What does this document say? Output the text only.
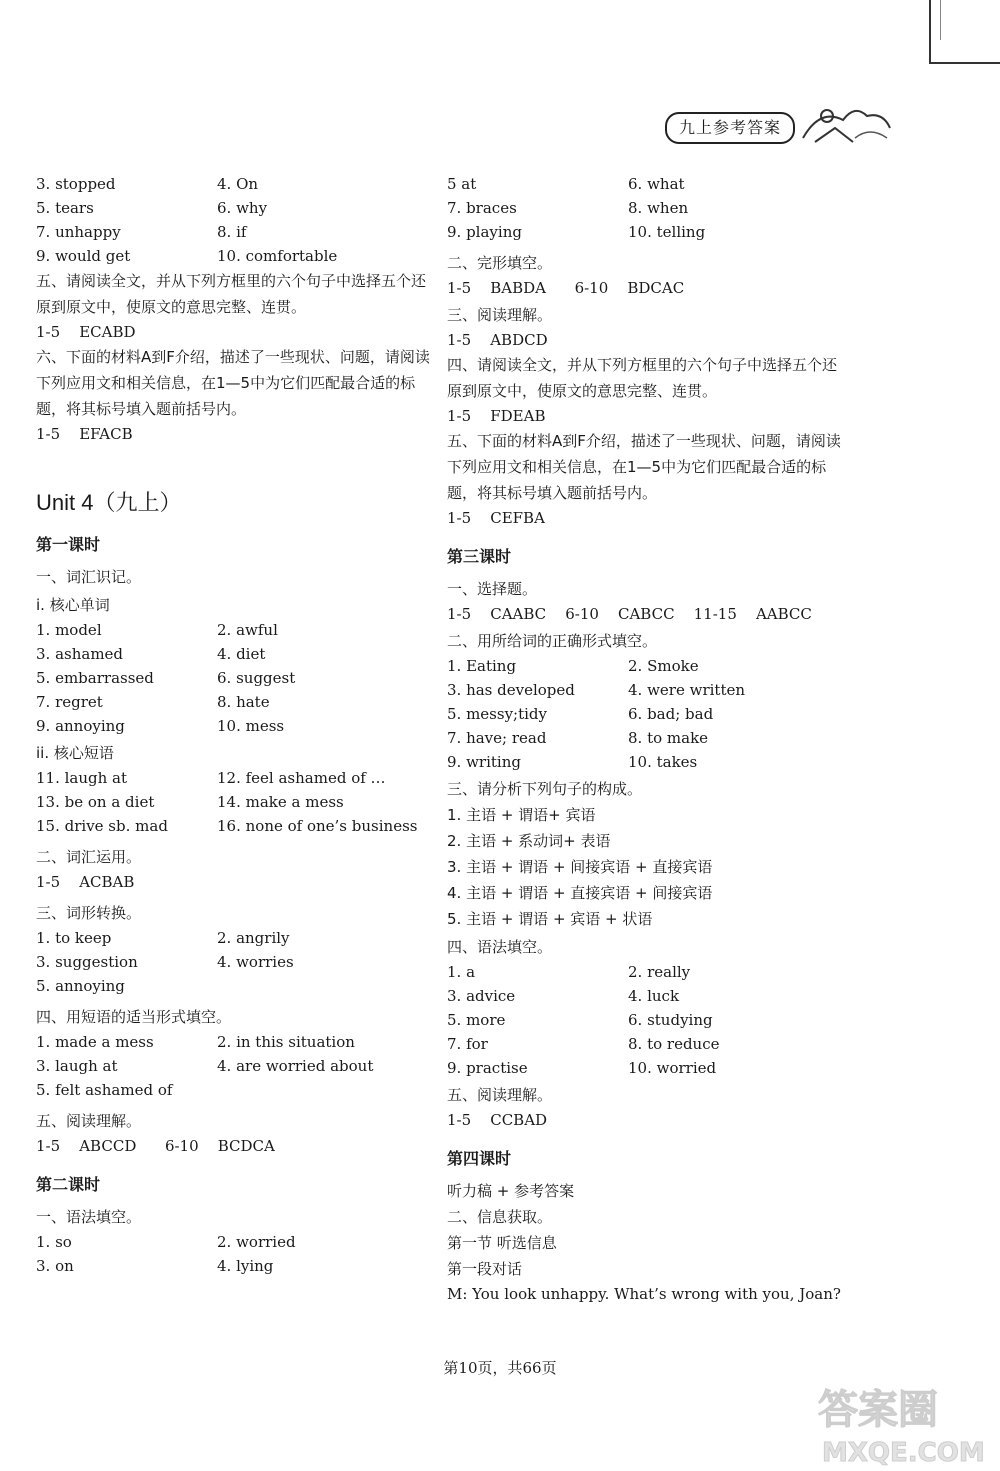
九上参考答案
3. stopped	4. On
5. tears	6. why
7. unhappy	8. if
9. would get	10. comfortable
五、请阅读全文，并从下列方框里的六个句子中选择五个还原到原文中，使原文的意思完整、连贯。
1-5    ECABD
六、下面的材料A到F介绍，描述了一些现状、问题，请阅读下列应用文和相关信息，在1—5中为它们匹配最合适的标题，将其标号填入题前括号内。
1-5    EFACB
Unit 4（九上）
第一课时
一、词汇识记。
i. 核心单词
1. model	2. awful
3. ashamed	4. diet
5. embarrassed	6. suggest
7. regret	8. hate
9. annoying	10. mess
ii. 核心短语
11. laugh at	12. feel ashamed of …
13. be on a diet	14. make a mess
15. drive sb. mad	16. none of one’s business
二、词汇运用。
1-5    ACBAB
三、词形转换。
1. to keep	2. angrily
3. suggestion	4. worries
5. annoying
四、用短语的适当形式填空。
1. made a mess	2. in this situation
3. laugh at	4. are worried about
5. felt ashamed of
五、阅读理解。
1-5    ABCCD      6-10    BCDCA
第二课时
一、语法填空。
1. so	2. worried
3. on	4. lying
5 at	6. what
7. braces	8. when
9. playing	10. telling
二、完形填空。
1-5    BABDA      6-10    BDCAC
三、阅读理解。
1-5    ABDCD
四、请阅读全文，并从下列方框里的六个句子中选择五个还原到原文中，使原文的意思完整、连贯。
1-5    FDEAB
五、下面的材料A到F介绍，描述了一些现状、问题，请阅读下列应用文和相关信息，在1—5中为它们匹配最合适的标题，将其标号填入题前括号内。
1-5    CEFBA
第三课时
一、选择题。
1-5    CAABC    6-10    CABCC    11-15    AABCC
二、用所给词的正确形式填空。
1. Eating	2. Smoke
3. has developed	4. were written
5. messy;tidy	6. bad; bad
7. have; read	8. to make
9. writing	10. takes
三、请分析下列句子的构成。
1. 主语 + 谓语+ 宾语
2. 主语 + 系动词+ 表语
3. 主语 + 谓语 + 间接宾语 + 直接宾语
4. 主语 + 谓语 + 直接宾语 + 间接宾语
5. 主语 + 谓语 + 宾语 + 状语
四、语法填空。
1. a	2. really
3. advice	4. luck
5. more	6. studying
7. for	8. to reduce
9. practise	10. worried
五、阅读理解。
1-5    CCBAD
第四课时
听力稿 + 参考答案
二、信息获取。
第一节 听选信息
第一段对话
M: You look unhappy. What’s wrong with you, Joan?
第10页，共66页
答案圈
MXQE.COM
